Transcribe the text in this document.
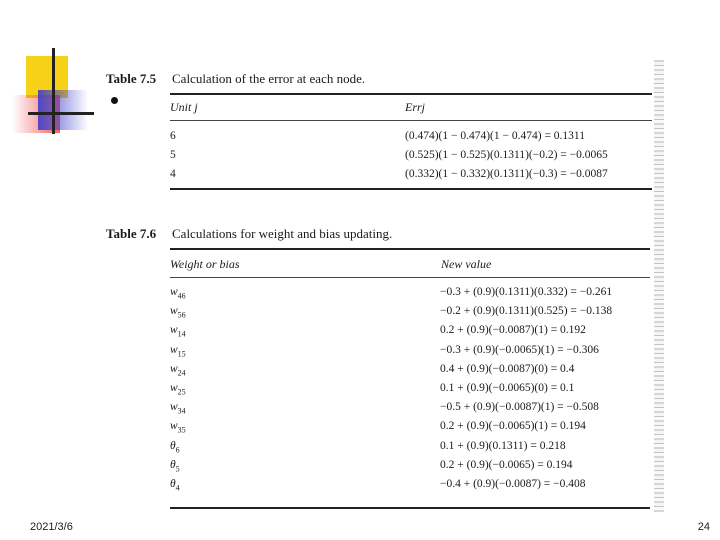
Table 7.5 Calculation of the error at each node.
Unit j	Errj
6	(0.474)(1 − 0.474)(1 − 0.474) = 0.1311
5	(0.525)(1 − 0.525)(0.1311)(−0.2) = −0.0065
4	(0.332)(1 − 0.332)(0.1311)(−0.3) = −0.0087
Table 7.6 Calculations for weight and bias updating.
Weight or bias	New value
$w_{46}$	−0.3 + (0.9)(0.1311)(0.332) = −0.261
$w_{56}$	−0.2 + (0.9)(0.1311)(0.525) = −0.138
$w_{14}$	0.2 + (0.9)(−0.0087)(1) = 0.192
$w_{15}$	−0.3 + (0.9)(−0.0065)(1) = −0.306
$w_{24}$	0.4 + (0.9)(−0.0087)(0) = 0.4
$w_{25}$	0.1 + (0.9)(−0.0065)(0) = 0.1
$w_{34}$	−0.5 + (0.9)(−0.0087)(1) = −0.508
$w_{35}$	0.2 + (0.9)(−0.0065)(1) = 0.194
$\theta_6$	0.1 + (0.9)(0.1311) = 0.218
$\theta_5$	0.2 + (0.9)(−0.0065) = 0.194
$\theta_4$	−0.4 + (0.9)(−0.0087) = −0.408
2021/3/6	24
